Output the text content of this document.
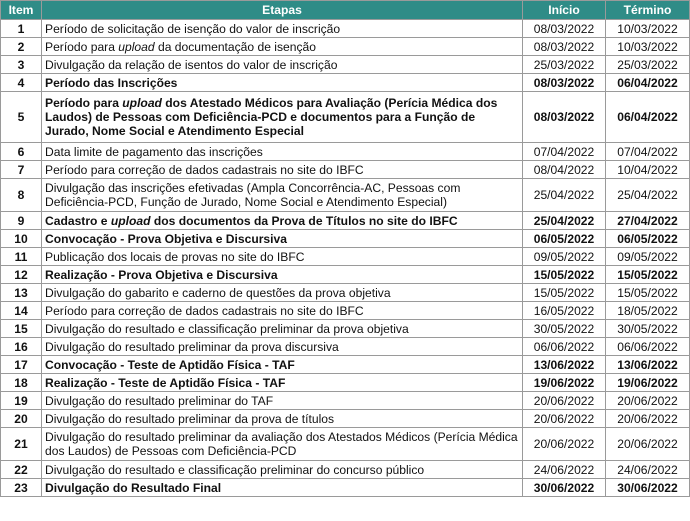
Item	Etapas	Início	Término
1	Período de solicitação de isenção do valor de inscrição	08/03/2022	10/03/2022
2	Período para upload da documentação de isenção	08/03/2022	10/03/2022
3	Divulgação da relação de isentos do valor de inscrição	25/03/2022	25/03/2022
4	Período das Inscrições	08/03/2022	06/04/2022
5	Período para upload dos Atestado Médicos para Avaliação (Perícia Médica dos Laudos) de Pessoas com Deficiência-PCD e documentos para a Função de Jurado, Nome Social e Atendimento Especial	08/03/2022	06/04/2022
6	Data limite de pagamento das inscrições	07/04/2022	07/04/2022
7	Período para correção de dados cadastrais no site do IBFC	08/04/2022	10/04/2022
8	Divulgação das inscrições efetivadas (Ampla Concorrência-AC, Pessoas com Deficiência-PCD, Função de Jurado, Nome Social e Atendimento Especial)	25/04/2022	25/04/2022
9	Cadastro e upload dos documentos da Prova de Títulos no site do IBFC	25/04/2022	27/04/2022
10	Convocação - Prova Objetiva e Discursiva	06/05/2022	06/05/2022
11	Publicação dos locais de provas no site do IBFC	09/05/2022	09/05/2022
12	Realização - Prova Objetiva e Discursiva	15/05/2022	15/05/2022
13	Divulgação do gabarito e caderno de questões da prova objetiva	15/05/2022	15/05/2022
14	Período para correção de dados cadastrais no site do IBFC	16/05/2022	18/05/2022
15	Divulgação do resultado e classificação preliminar da prova objetiva	30/05/2022	30/05/2022
16	Divulgação do resultado preliminar da prova discursiva	06/06/2022	06/06/2022
17	Convocação - Teste de Aptidão Física - TAF	13/06/2022	13/06/2022
18	Realização - Teste de Aptidão Física - TAF	19/06/2022	19/06/2022
19	Divulgação do resultado preliminar do TAF	20/06/2022	20/06/2022
20	Divulgação do resultado preliminar da prova de títulos	20/06/2022	20/06/2022
21	Divulgação do resultado preliminar da avaliação dos Atestados Médicos (Perícia Médica dos Laudos) de Pessoas com Deficiência-PCD	20/06/2022	20/06/2022
22	Divulgação do resultado e classificação preliminar do concurso público	24/06/2022	24/06/2022
23	Divulgação do Resultado Final	30/06/2022	30/06/2022
